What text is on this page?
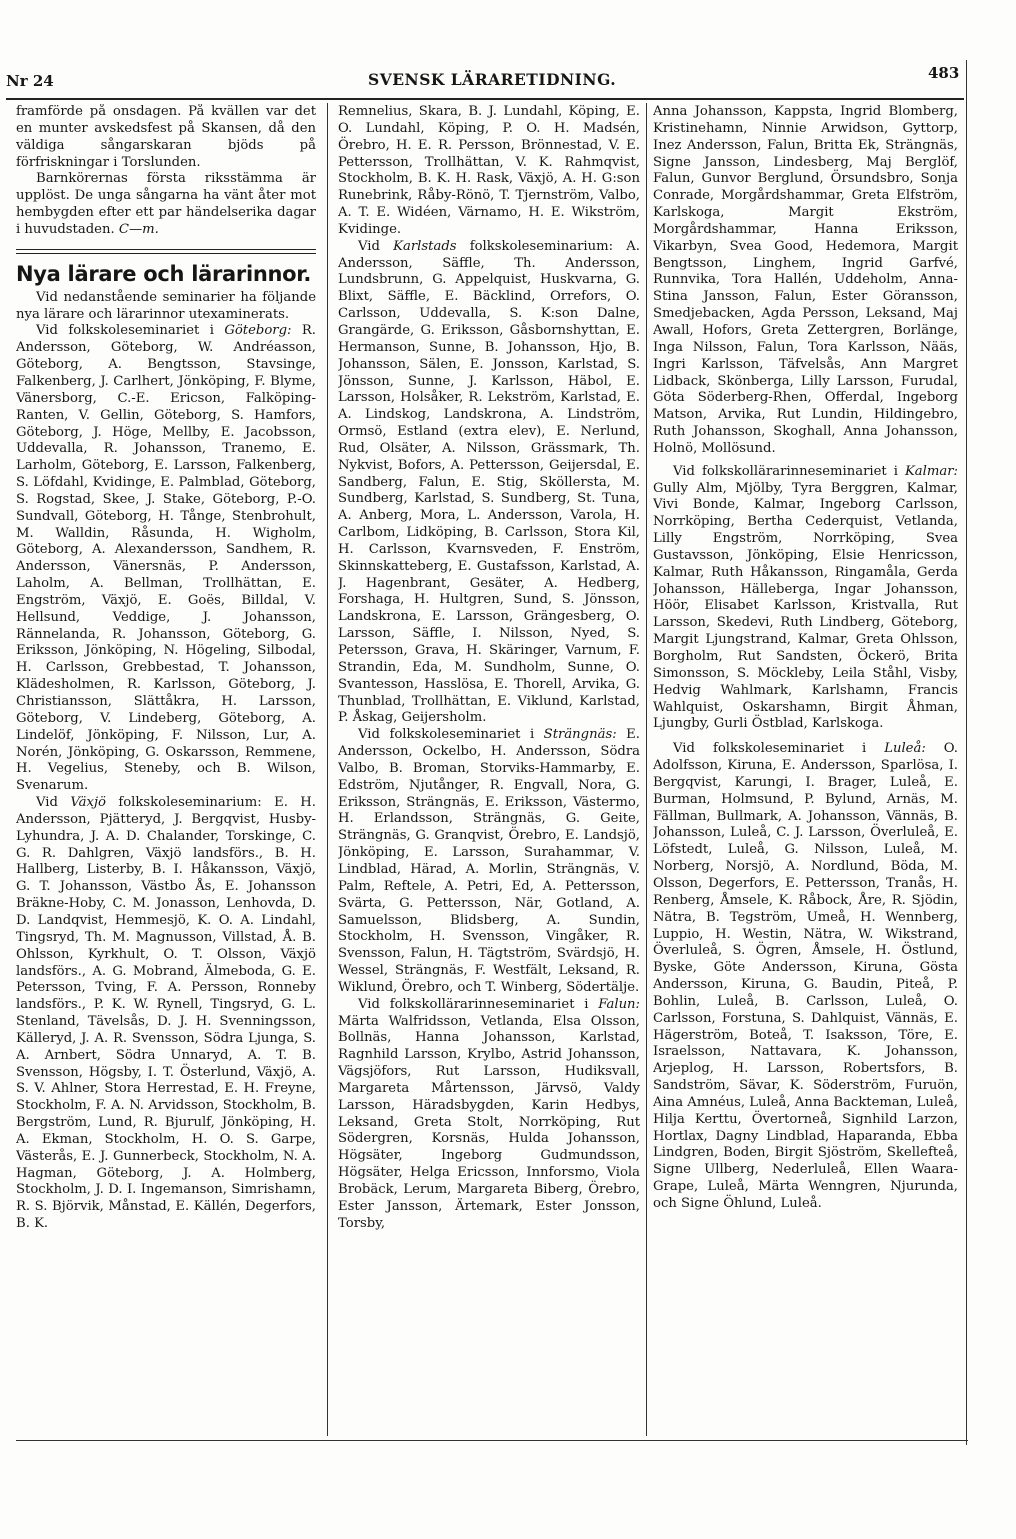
Nr 24	SVENSK LÄRARETIDNING.	483

framförde på onsdagen. På kvällen var det en munter avskedsfest på Skansen, då den väldiga sångarskaran bjöds på förfriskningar i Torslunden.

Barnkörernas första riksstämma är upplöst. De unga sångarna ha vänt åter mot hembygden efter ett par händelserika dagar i huvudstaden. C—m.

Nya lärare och lärarinnor.

Vid nedanstående seminarier ha följande nya lärare och lärarinnor utexaminerats.

Vid folkskoleseminariet i Göteborg: R. Andersson, Göteborg, W. Andréasson, Göteborg, A. Bengtsson, Stavsinge, Falkenberg, J. Carlhert, Jönköping, F. Blyme, Vänersborg, C.-E. Ericson, Falköping-Ranten, V. Gellin, Göteborg, S. Hamfors, Göteborg, J. Höge, Mellby, E. Jacobsson, Uddevalla, R. Johansson, Tranemo, E. Larholm, Göteborg, E. Larsson, Falkenberg, S. Löfdahl, Kvidinge, E. Palmblad, Göteborg, S. Rogstad, Skee, J. Stake, Göteborg, P.-O. Sundvall, Göteborg, H. Tånge, Stenbrohult, M. Walldin, Råsunda, H. Wigholm, Göteborg, A. Alexandersson, Sandhem, R. Andersson, Vänersnäs, P. Andersson, Laholm, A. Bellman, Trollhättan, E. Engström, Växjö, E. Goës, Billdal, V. Hellsund, Veddige, J. Johansson, Rännelanda, R. Johansson, Göteborg, G. Eriksson, Jönköping, N. Högeling, Silbodal, H. Carlsson, Grebbestad, T. Johansson, Klädesholmen, R. Karlsson, Göteborg, J. Christiansson, Slättåkra, H. Larsson, Göteborg, V. Lindeberg, Göteborg, A. Lindelöf, Jönköping, F. Nilsson, Lur, A. Norén, Jönköping, G. Oskarsson, Remmene, H. Vegelius, Steneby, och B. Wilson, Svenarum.

Vid Växjö folkskoleseminarium: E. H. Andersson, Pjätteryd, J. Bergqvist, Husby-Lyhundra, J. A. D. Chalander, Torskinge, C. G. R. Dahlgren, Växjö landsförs., B. H. Hallberg, Listerby, B. I. Håkansson, Växjö, G. T. Johansson, Västbo Ås, E. Johansson Bräkne-Hoby, C. M. Jonasson, Lenhovda, D. D. Landqvist, Hemmesjö, K. O. A. Lindahl, Tingsryd, Th. M. Magnusson, Villstad, Å. B. Ohlsson, Kyrkhult, O. T. Olsson, Växjö landsförs., A. G. Mobrand, Älmeboda, G. E. Petersson, Tving, F. A. Persson, Ronneby landsförs., P. K. W. Rynell, Tingsryd, G. L. Stenland, Tävelsås, D. J. H. Svenningsson, Källeryd, J. A. R. Svensson, Södra Ljunga, S. A. Arnbert, Södra Unnaryd, A. T. B. Svensson, Högsby, I. T. Österlund, Växjö, A. S. V. Ahlner, Stora Herrestad, E. H. Freyne, Stockholm, F. A. N. Arvidsson, Stockholm, B. Bergström, Lund, R. Bjurulf, Jönköping, H. A. Ekman, Stockholm, H. O. S. Garpe, Västerås, E. J. Gunnerbeck, Stockholm, N. A. Hagman, Göteborg, J. A. Holmberg, Stockholm, J. D. I. Ingemanson, Simrishamn, R. S. Björvik, Månstad, E. Källén, Degerfors, B. K.

Remnelius, Skara, B. J. Lundahl, Köping, E. O. Lundahl, Köping, P. O. H. Madsén, Örebro, H. E. R. Persson, Brönnestad, V. E. Pettersson, Trollhättan, V. K. Rahmqvist, Stockholm, B. K. H. Rask, Växjö, A. H. G:son Runebrink, Råby-Rönö, T. Tjernström, Valbo, A. T. E. Widéen, Värnamo, H. E. Wikström, Kvidinge.

Vid Karlstads folkskoleseminarium: A. Andersson, Säffle, Th. Andersson, Lundsbrunn, G. Appelquist, Huskvarna, G. Blixt, Säffle, E. Bäcklind, Orrefors, O. Carlsson, Uddevalla, S. K:son Dalne, Grangärde, G. Eriksson, Gåsbornshyttan, E. Hermanson, Sunne, B. Johansson, Hjo, B. Johansson, Sälen, E. Jonsson, Karlstad, S. Jönsson, Sunne, J. Karlsson, Häbol, E. Larsson, Holsåker, R. Lekström, Karlstad, E. A. Lindskog, Landskrona, A. Lindström, Ormsö, Estland (extra elev), E. Nerlund, Rud, Olsäter, A. Nilsson, Grässmark, Th. Nykvist, Bofors, A. Pettersson, Geijersdal, E. Sandberg, Falun, E. Stig, Sköllersta, M. Sundberg, Karlstad, S. Sundberg, St. Tuna, A. Anberg, Mora, L. Andersson, Varola, H. Carlbom, Lidköping, B. Carlsson, Stora Kil, H. Carlsson, Kvarnsveden, F. Enström, Skinnskatteberg, E. Gustafsson, Karlstad, A. J. Hagenbrant, Gesäter, A. Hedberg, Forshaga, H. Hultgren, Sund, S. Jönsson, Landskrona, E. Larsson, Grängesberg, O. Larsson, Säffle, I. Nilsson, Nyed, S. Petersson, Grava, H. Skäringer, Varnum, F. Strandin, Eda, M. Sundholm, Sunne, O. Svantesson, Hasslösa, E. Thorell, Arvika, G. Thunblad, Trollhättan, E. Viklund, Karlstad, P. Åskag, Geijersholm.

Vid folkskoleseminariet i Strängnäs: E. Andersson, Ockelbo, H. Andersson, Södra Valbo, B. Broman, Storviks-Hammarby, E. Edström, Njutånger, R. Engvall, Nora, G. Eriksson, Strängnäs, E. Eriksson, Västermo, H. Erlandsson, Strängnäs, G. Geite, Strängnäs, G. Granqvist, Örebro, E. Landsjö, Jönköping, E. Larsson, Surahammar, V. Lindblad, Härad, A. Morlin, Strängnäs, V. Palm, Reftele, A. Petri, Ed, A. Pettersson, Svärta, G. Pettersson, När, Gotland, A. Samuelsson, Blidsberg, A. Sundin, Stockholm, H. Svensson, Vingåker, R. Svensson, Falun, H. Tägtström, Svärdsjö, H. Wessel, Strängnäs, F. Westfält, Leksand, R. Wiklund, Örebro, och T. Winberg, Södertälje.

Vid folkskollärarinneseminariet i Falun: Märta Walfridsson, Vetlanda, Elsa Olsson, Bollnäs, Hanna Johansson, Karlstad, Ragnhild Larsson, Krylbo, Astrid Johansson, Vägsjöfors, Rut Larsson, Hudiksvall, Margareta Mårtensson, Järvsö, Valdy Larsson, Häradsbygden, Karin Hedbys, Leksand, Greta Stolt, Norrköping, Rut Södergren, Korsnäs, Hulda Johansson, Högsäter, Ingeborg Gudmundsson, Högsäter, Helga Ericsson, Innforsmo, Viola Brobäck, Lerum, Margareta Biberg, Örebro, Ester Jansson, Ärtemark, Ester Jonsson, Torsby,

Anna Johansson, Kappsta, Ingrid Blomberg, Kristinehamn, Ninnie Arwidson, Gyttorp, Inez Andersson, Falun, Britta Ek, Strängnäs, Signe Jansson, Lindesberg, Maj Berglöf, Falun, Gunvor Berglund, Örsundsbro, Sonja Conrade, Morgårdshammar, Greta Elfström, Karlskoga, Margit Ekström, Morgårdshammar, Hanna Eriksson, Vikarbyn, Svea Good, Hedemora, Margit Bengtsson, Linghem, Ingrid Garfvé, Runnvika, Tora Hallén, Uddeholm, Anna-Stina Jansson, Falun, Ester Göransson, Smedjebacken, Agda Persson, Leksand, Maj Awall, Hofors, Greta Zettergren, Borlänge, Inga Nilsson, Falun, Tora Karlsson, Nääs, Ingri Karlsson, Täfvelsås, Ann Margret Lidback, Skönberga, Lilly Larsson, Furudal, Göta Söderberg-Rhen, Offerdal, Ingeborg Matson, Arvika, Rut Lundin, Hildingebro, Ruth Johansson, Skoghall, Anna Johansson, Holnö, Mollösund.

Vid folkskollärarinneseminariet i Kalmar: Gully Alm, Mjölby, Tyra Berggren, Kalmar, Vivi Bonde, Kalmar, Ingeborg Carlsson, Norrköping, Bertha Cederquist, Vetlanda, Lilly Engström, Norrköping, Svea Gustavsson, Jönköping, Elsie Henricsson, Kalmar, Ruth Håkansson, Ringamåla, Gerda Johansson, Hälleberga, Ingar Johansson, Höör, Elisabet Karlsson, Kristvalla, Rut Larsson, Skedevi, Ruth Lindberg, Göteborg, Margit Ljungstrand, Kalmar, Greta Ohlsson, Borgholm, Rut Sandsten, Öckerö, Brita Simonsson, S. Möckleby, Leila Ståhl, Visby, Hedvig Wahlmark, Karlshamn, Francis Wahlquist, Oskarshamn, Birgit Åhman, Ljungby, Gurli Östblad, Karlskoga.

Vid folkskoleseminariet i Luleå: O. Adolfsson, Kiruna, E. Andersson, Sparlösa, I. Bergqvist, Karungi, I. Brager, Luleå, E. Burman, Holmsund, P. Bylund, Arnäs, M. Fällman, Bullmark, A. Johansson, Vännäs, B. Johansson, Luleå, C. J. Larsson, Överluleå, E. Löfstedt, Luleå, G. Nilsson, Luleå, M. Norberg, Norsjö, A. Nordlund, Böda, M. Olsson, Degerfors, E. Pettersson, Tranås, H. Renberg, Åmsele, K. Råbock, Åre, R. Sjödin, Nätra, B. Tegström, Umeå, H. Wennberg, Luppio, H. Westin, Nätra, W. Wikstrand, Överluleå, S. Ögren, Åmsele, H. Östlund, Byske, Göte Andersson, Kiruna, Gösta Andersson, Kiruna, G. Baudin, Piteå, P. Bohlin, Luleå, B. Carlsson, Luleå, O. Carlsson, Forstuna, S. Dahlquist, Vännäs, E. Hägerström, Boteå, T. Isaksson, Töre, E. Israelsson, Nattavara, K. Johansson, Arjeplog, H. Larsson, Robertsfors, B. Sandström, Sävar, K. Söderström, Furuön, Aina Amnéus, Luleå, Anna Backteman, Luleå, Hilja Kerttu, Övertorneå, Signhild Larzon, Hortlax, Dagny Lindblad, Haparanda, Ebba Lindgren, Boden, Birgit Sjöström, Skellefteå, Signe Ullberg, Nederluleå, Ellen Waara-Grape, Luleå, Märta Wenngren, Njurunda, och Signe Öhlund, Luleå.
